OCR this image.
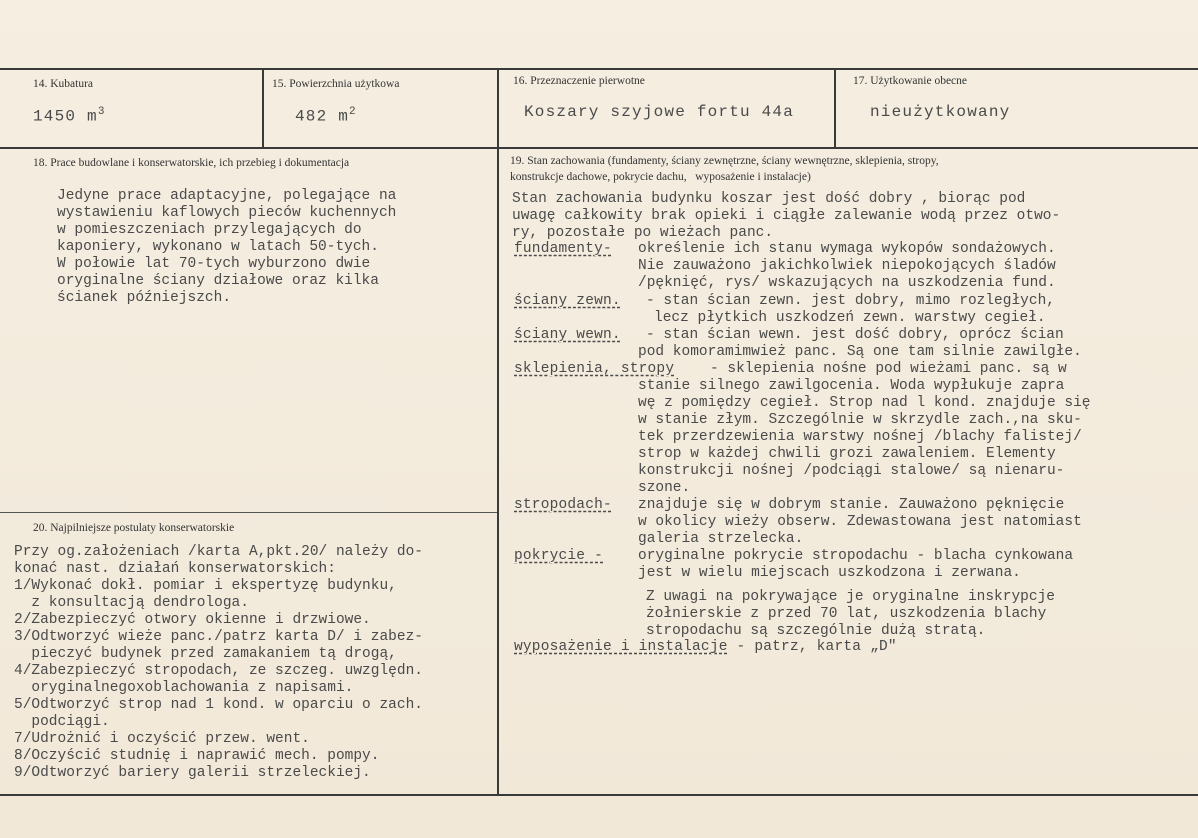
14. Kubatura
1450 $m^3$
15. Powierzchnia użytkowa
482 $m^2$
16. Przeznaczenie pierwotne
Koszary szyjowe fortu 44a
17. Użytkowanie obecne
nieużytkowany
18. Prace budowlane i konserwatorskie, ich przebieg i dokumentacja
Jedyne prace adaptacyjne, polegające na
wystawieniu kaflowych pieców kuchennych
w pomieszczeniach przylegających do
kaponiery, wykonano w latach 50-tych.
W połowie lat 70-tych wyburzono dwie
oryginalne ściany działowe oraz kilka
ścianek późniejszch.
20. Najpilniejsze postulaty konserwatorskie
Przy og.założeniach /karta A,pkt.20/ należy do-
konać nast. działań konserwatorskich:
1/Wykonać dokł. pomiar i ekspertyzę budynku,
z konsultacją dendrologa.
2/Zabezpieczyć otwory okienne i drzwiowe.
3/Odtworzyć wieże panc./patrz karta D/ i zabez-
pieczyć budynek przed zamakaniem tą drogą,
4/Zabezpieczyć stropodach, ze szczeg. uwzględn.
oryginalnegoxoblachowania z napisami.
5/Odtworzyć strop nad 1 kond. w oparciu o zach.
podciągi.
7/Udrożnić i oczyścić przew. went.
8/Oczyścić studnię i naprawić mech. pompy.
9/Odtworzyć bariery galerii strzeleckiej.
19. Stan zachowania (fundamenty, ściany zewnętrzne, ściany wewnętrzne, sklepienia, stropy,
konstrukcje dachowe, pokrycie dachu,   wyposażenie i instalacje)
Stan zachowania budynku koszar jest dość dobry , biorąc pod
uwagę całkowity brak opieki i ciągłe zalewanie wodą przez otwo-
ry, pozostałe po wieżach panc.
fundamenty- określenie ich stanu wymaga wykopów sondażowych.
Nie zauważono jakichkolwiek niepokojących śladów
/pęknięć, rys/ wskazujących na uszkodzenia fund.
ściany zewn. - stan ścian zewn. jest dobry, mimo rozległych,
lecz płytkich uszkodzeń zewn. warstwy cegieł.
ściany wewn. - stan ścian wewn. jest dość dobry, oprócz ścian
pod komoramimwież panc. Są one tam silnie zawilgłe.
sklepienia, stropy - sklepienia nośne pod wieżami panc. są w
stanie silnego zawilgocenia. Woda wypłukuje zapra
wę z pomiędzy cegieł. Strop nad l kond. znajduje się
w stanie złym. Szczególnie w skrzydle zach.,na sku-
tek przerdzewienia warstwy nośnej /blachy falistej/
strop w każdej chwili grozi zawaleniem. Elementy
konstrukcji nośnej /podciągi stalowe/ są nienaru-
szone.
stropodach- znajduje się w dobrym stanie. Zauważono pęknięcie
w okolicy wieży obserw. Zdewastowana jest natomiast
galeria strzelecka.
pokrycie - oryginalne pokrycie stropodachu - blacha cynkowana
jest w wielu miejscach uszkodzona i zerwana.
Z uwagi na pokrywające je oryginalne inskrypcje
żołnierskie z przed 70 lat, uszkodzenia blachy
stropodachu są szczególnie dużą stratą.
wyposażenie i instalacje - patrz, karta „D"
